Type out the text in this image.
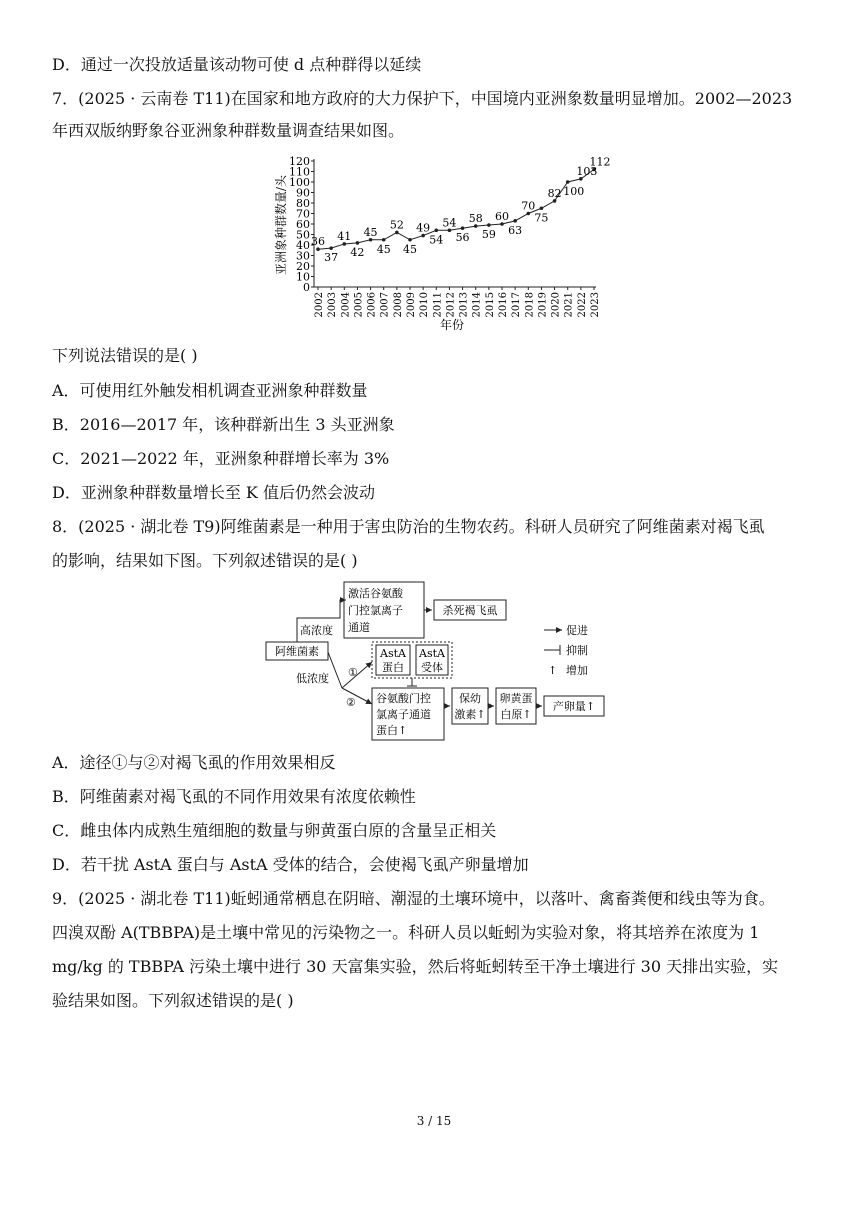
D．通过一次投放适量该动物可使 d 点种群得以延续
7．(2025 · 云南卷 T11)在国家和地方政府的大力保护下，中国境内亚洲象数量明显增加。2002—2023
年西双版纳野象谷亚洲象种群数量调查结果如图。
亚洲象种群数量/头
年份
0
10
20
30
40
50
60
70
80
90
100
110
120
2002 2003 2004 2005 2006 2007 2008 2009 2010 2011 2012 2013 2014 2015 2016 2017 2018 2019 2020 2021 2022 2023
36
37
41
42
45
45
52
45
49
54
54
56
58
59
60
63
70
75
82 100
103
112
下列说法错误的是( )
A．可使用红外触发相机调查亚洲象种群数量
B．2016—2017 年，该种群新出生 3 头亚洲象
C．2021—2022 年，亚洲象种群增长率为 3%
D．亚洲象种群数量增长至 K 值后仍然会波动
8．(2025 · 湖北卷 T9)阿维菌素是一种用于害虫防治的生物农药。科研人员研究了阿维菌素对褐飞虱
的影响，结果如下图。下列叙述错误的是( )
阿维菌素
高浓度
激活谷氨酸
门控氯离子
通道
杀死褐飞虱
低浓度 ①
②
AstA
蛋白
AstA
受体
谷氨酸门控
氯离子通道
蛋白↑
保幼
激素↑
卵黄蛋
白原↑
产卵量↑
促进
抑制
↑ 增加
A．途径①与②对褐飞虱的作用效果相反
B．阿维菌素对褐飞虱的不同作用效果有浓度依赖性
C．雌虫体内成熟生殖细胞的数量与卵黄蛋白原的含量呈正相关
D．若干扰 AstA 蛋白与 AstA 受体的结合，会使褐飞虱产卵量增加
9．(2025 · 湖北卷 T11)蚯蚓通常栖息在阴暗、潮湿的土壤环境中，以落叶、禽畜粪便和线虫等为食。
四溴双酚 A(TBBPA)是土壤中常见的污染物之一。科研人员以蚯蚓为实验对象，将其培养在浓度为 1
mg/kg 的 TBBPA 污染土壤中进行 30 天富集实验，然后将蚯蚓转至干净土壤进行 30 天排出实验，实
验结果如图。下列叙述错误的是( )
3 / 15
